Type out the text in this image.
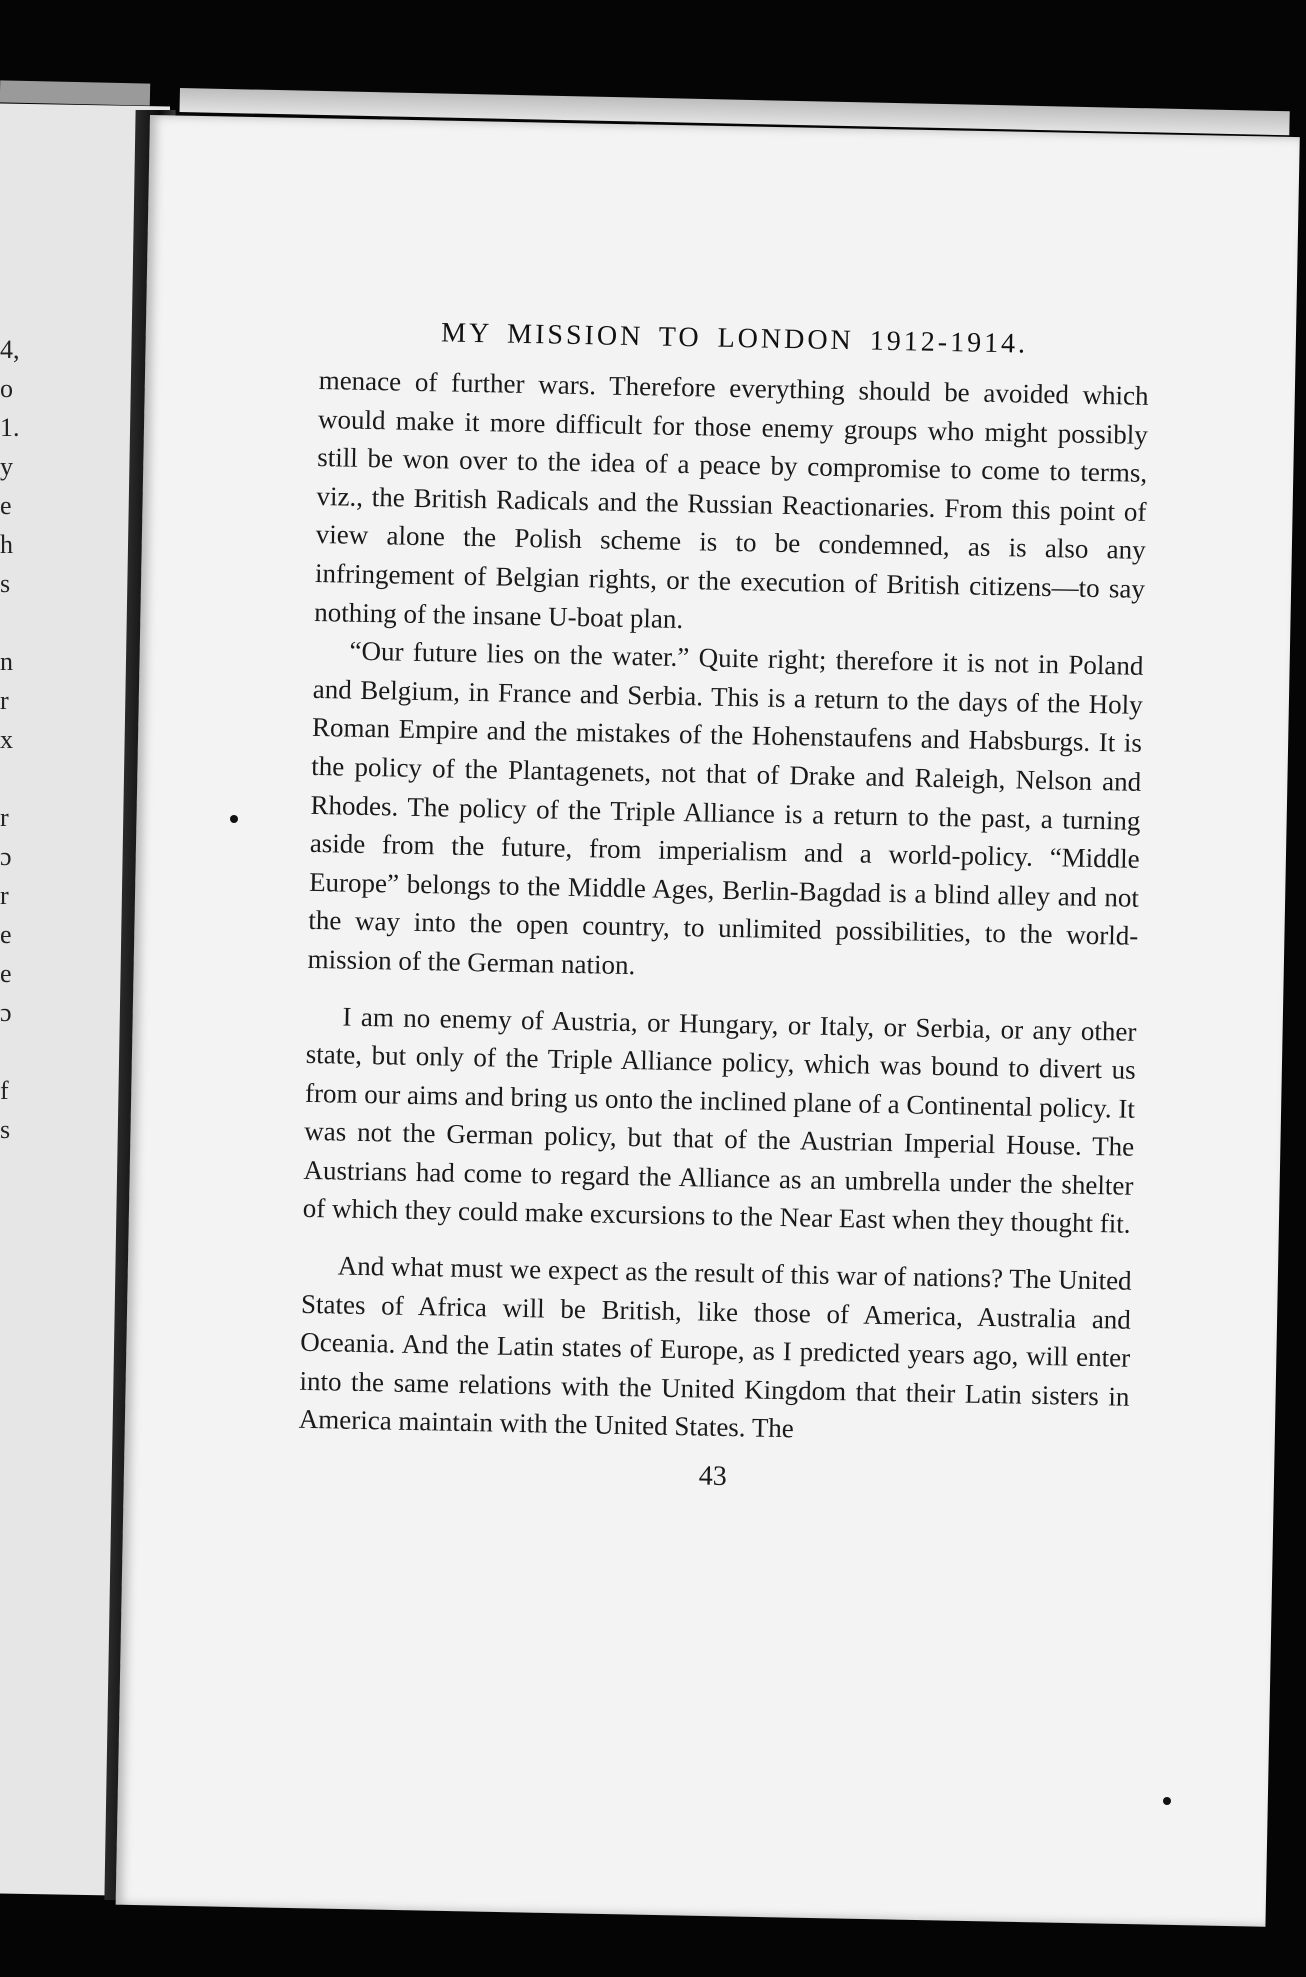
4,
o
1.
y
e
h
s

n
r
x

r
ɔ
r
e
e
ɔ

f
s
MY MISSION TO LONDON 1912-1914.

menace of further wars. Therefore everything should be avoided which would make it more difficult for those enemy groups who might possibly still be won over to the idea of a peace by compromise to come to terms, viz., the British Radicals and the Russian Reactionaries. From this point of view alone the Polish scheme is to be condemned, as is also any infringement of Belgian rights, or the execution of British citizens—to say nothing of the insane U-boat plan.

“Our future lies on the water.” Quite right; therefore it is not in Poland and Belgium, in France and Serbia. This is a return to the days of the Holy Roman Empire and the mistakes of the Hohenstaufens and Habsburgs. It is the policy of the Plantagenets, not that of Drake and Raleigh, Nelson and Rhodes. The policy of the Triple Alliance is a return to the past, a turning aside from the future, from imperialism and a world-policy. “Middle Europe” belongs to the Middle Ages, Berlin-Bagdad is a blind alley and not the way into the open country, to unlimited possibilities, to the world-mission of the German nation.

I am no enemy of Austria, or Hungary, or Italy, or Serbia, or any other state, but only of the Triple Alliance policy, which was bound to divert us from our aims and bring us onto the inclined plane of a Continental policy. It was not the German policy, but that of the Austrian Imperial House. The Austrians had come to regard the Alliance as an umbrella under the shelter of which they could make excursions to the Near East when they thought fit.

And what must we expect as the result of this war of nations? The United States of Africa will be British, like those of America, Australia and Oceania. And the Latin states of Europe, as I predicted years ago, will enter into the same relations with the United Kingdom that their Latin sisters in America maintain with the United States. The

43
